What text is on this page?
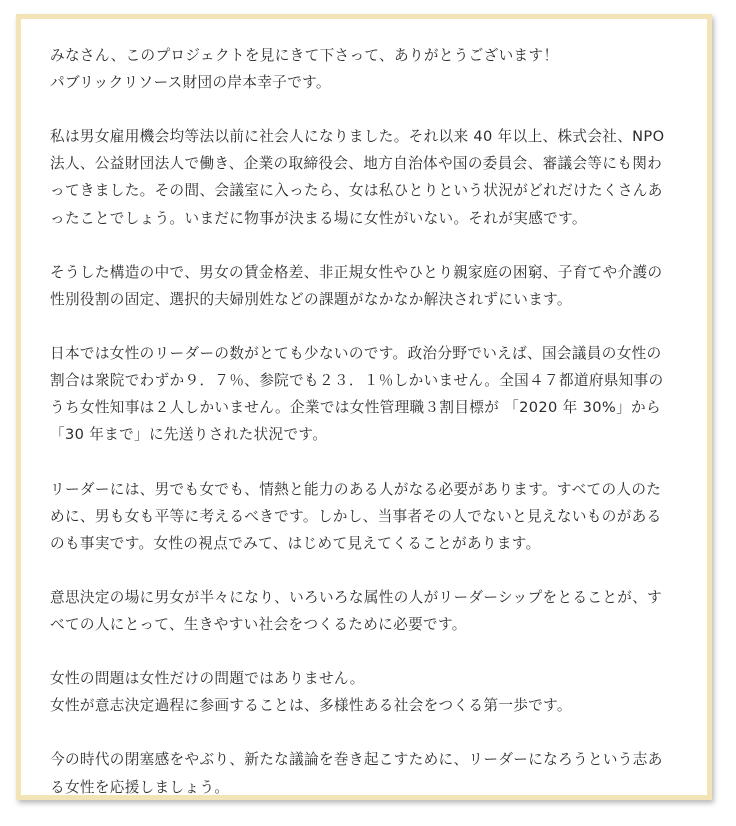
みなさん、このプロジェクトを見にきて下さって、ありがとうございます！
パブリックリソース財団の岸本幸子です。
私は男女雇用機会均等法以前に社会人になりました。それ以来 40 年以上、株式会社、NPO
法人、公益財団法人で働き、企業の取締役会、地方自治体や国の委員会、審議会等にも関わ
ってきました。その間、会議室に入ったら、女は私ひとりという状況がどれだけたくさんあ
ったことでしょう。いまだに物事が決まる場に女性がいない。それが実感です。
そうした構造の中で、男女の賃金格差、非正規女性やひとり親家庭の困窮、子育てや介護の
性別役割の固定、選択的夫婦別姓などの課題がなかなか解決されずにいます。
日本では女性のリーダーの数がとても少ないのです。政治分野でいえば、国会議員の女性の
割合は衆院でわずか９．７％、参院でも２３．１％しかいません。全国４７都道府県知事の
うち女性知事は２人しかいません。企業では女性管理職３割目標が 「2020 年 30%」から
「30 年まで」に先送りされた状況です。
リーダーには、男でも女でも、情熱と能力のある人がなる必要があります。すべての人のた
めに、男も女も平等に考えるべきです。しかし、当事者その人でないと見えないものがある
のも事実です。女性の視点でみて、はじめて見えてくることがあります。
意思決定の場に男女が半々になり、いろいろな属性の人がリーダーシップをとることが、す
べての人にとって、生きやすい社会をつくるために必要です。
女性の問題は女性だけの問題ではありません。
女性が意志決定過程に参画することは、多様性ある社会をつくる第一歩です。
今の時代の閉塞感をやぶり、新たな議論を巻き起こすために、リーダーになろうという志あ
る女性を応援しましょう。
